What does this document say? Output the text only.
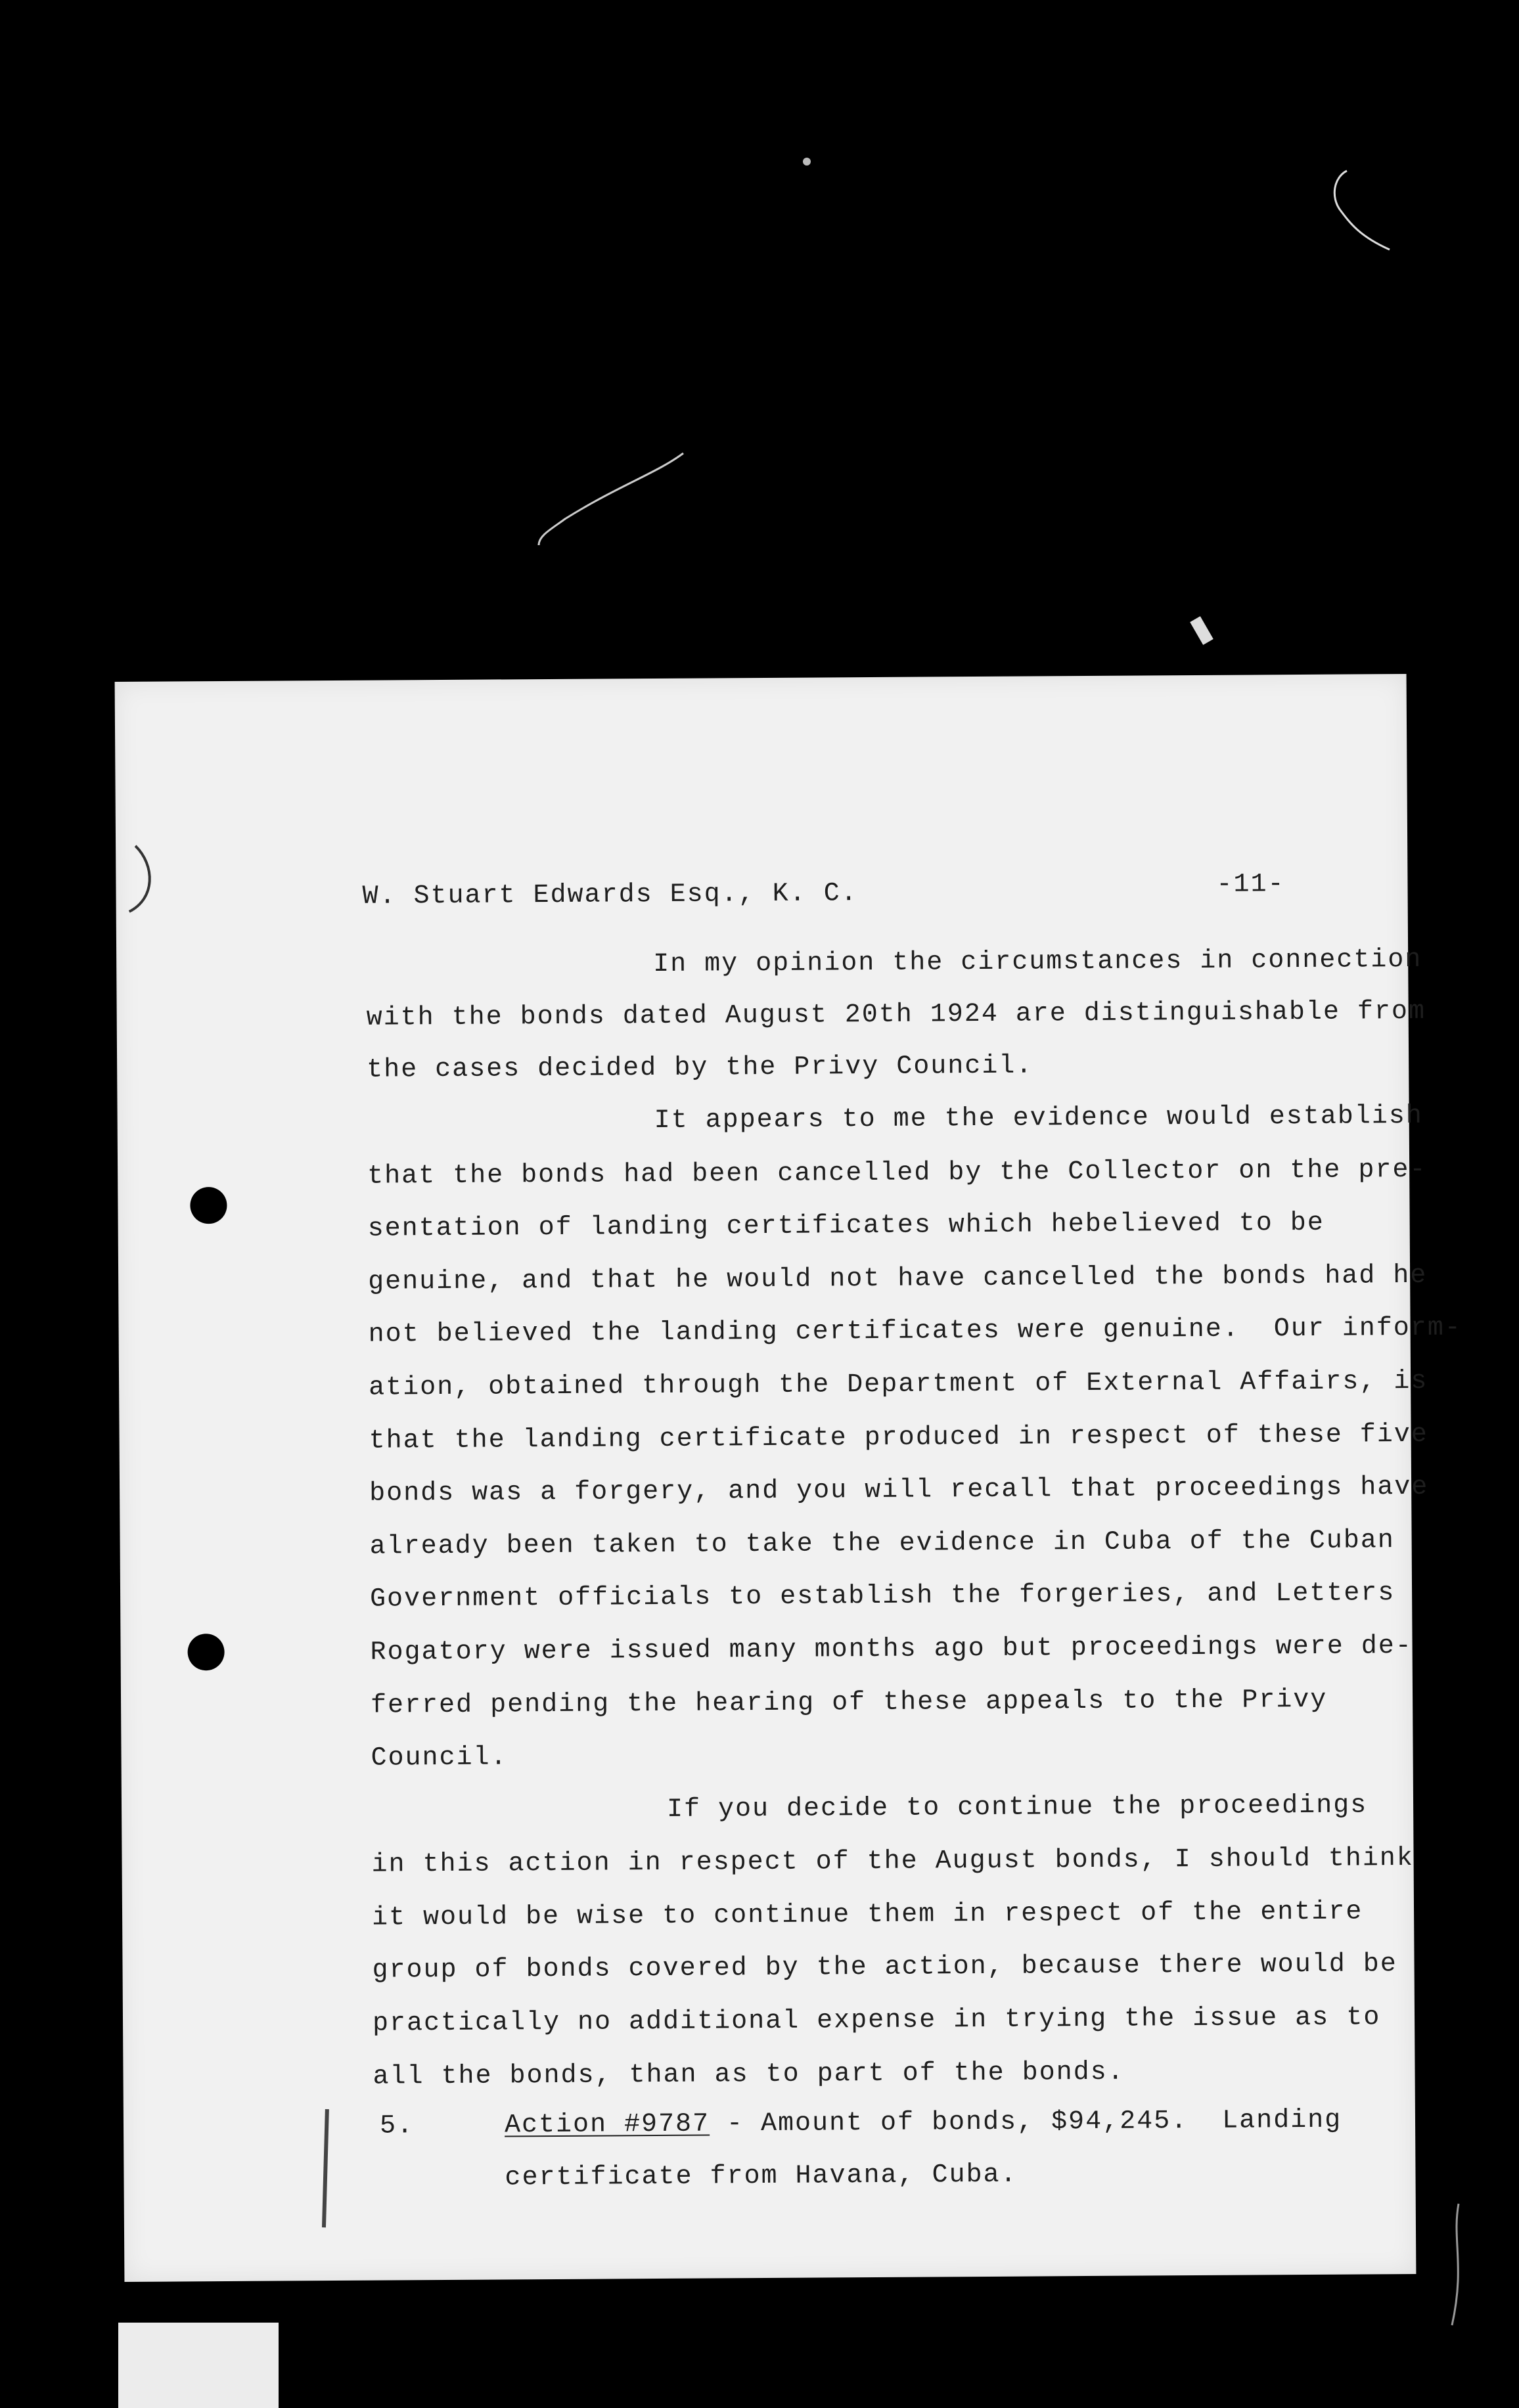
W. Stuart Edwards Esq., K. C.	-11-
In my opinion the circumstances in connection
with the bonds dated August 20th 1924 are distinguishable from
the cases decided by the Privy Council.
It appears to me the evidence would establish
that the bonds had been cancelled by the Collector on the pre-
sentation of landing certificates which hebelieved to be
genuine, and that he would not have cancelled the bonds had he
not believed the landing certificates were genuine.  Our inform-
ation, obtained through the Department of External Affairs, is
that the landing certificate produced in respect of these five
bonds was a forgery, and you will recall that proceedings have
already been taken to take the evidence in Cuba of the Cuban
Government officials to establish the forgeries, and Letters
Rogatory were issued many months ago but proceedings were de-
ferred pending the hearing of these appeals to the Privy
Council.
If you decide to continue the proceedings
in this action in respect of the August bonds, I should think
it would be wise to continue them in respect of the entire
group of bonds covered by the action, because there would be
practically no additional expense in trying the issue as to
all the bonds, than as to part of the bonds.
5.	Action #9787 - Amount of bonds, $94,245.  Landing
certificate from Havana, Cuba.
